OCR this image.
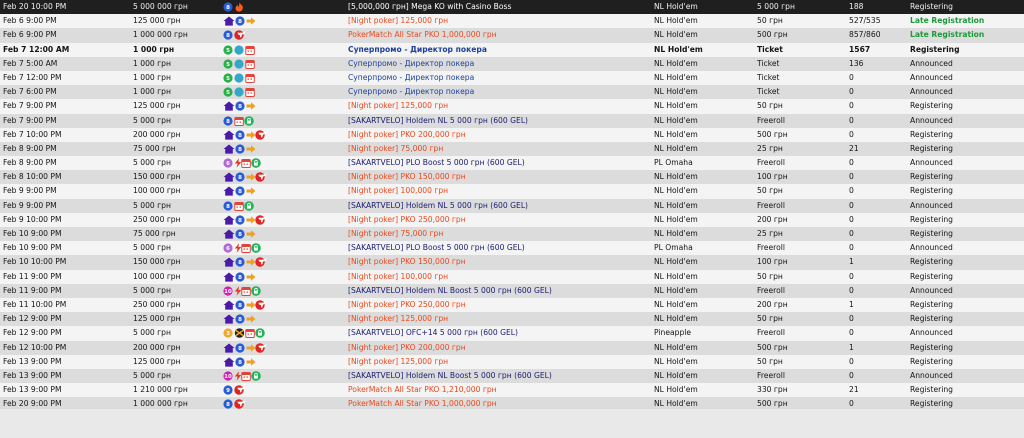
Feb 20 10:00 PM	5 000 000 грн	8	[5,000,000 грн] Mega KO with Casino Boss	NL Hold'em	5 000 грн	188	Registering
Feb 6 9:00 PM	125 000 грн	8	[Night poker] 125,000 грн	NL Hold'em	50 грн	527/535	Late Registration
Feb 6 9:00 PM	1 000 000 грн	8	PokerMatch All Star PKO 1,000,000 грн	NL Hold'em	500 грн	857/860	Late Registration
Feb 7 12:00 AM	1 000 грн	5	Суперпромо - Директор покера	NL Hold'em	Ticket	1567	Registering
Feb 7 5:00 AM	1 000 грн	5	Суперпромо - Директор покера	NL Hold'em	Ticket	136	Announced
Feb 7 12:00 PM	1 000 грн	5	Суперпромо - Директор покера	NL Hold'em	Ticket	0	Announced
Feb 7 6:00 PM	1 000 грн	5	Суперпромо - Директор покера	NL Hold'em	Ticket	0	Announced
Feb 7 9:00 PM	125 000 грн	8	[Night poker] 125,000 грн	NL Hold'em	50 грн	0	Registering
Feb 7 9:00 PM	5 000 грн	8	[SAKARTVELO] Holdem NL 5 000 грн (600 GEL)	NL Hold'em	Freeroll	0	Announced
Feb 7 10:00 PM	200 000 грн	8	[Night poker] PKO 200,000 грн	NL Hold'em	500 грн	0	Registering
Feb 8 9:00 PM	75 000 грн	8	[Night poker] 75,000 грн	NL Hold'em	25 грн	21	Registering
Feb 8 9:00 PM	5 000 грн	6	[SAKARTVELO] PLO Boost 5 000 грн (600 GEL)	PL Omaha	Freeroll	0	Announced
Feb 8 10:00 PM	150 000 грн	8	[Night poker] PKO 150,000 грн	NL Hold'em	100 грн	0	Registering
Feb 9 9:00 PM	100 000 грн	8	[Night poker] 100,000 грн	NL Hold'em	50 грн	0	Registering
Feb 9 9:00 PM	5 000 грн	8	[SAKARTVELO] Holdem NL 5 000 грн (600 GEL)	NL Hold'em	Freeroll	0	Announced
Feb 9 10:00 PM	250 000 грн	8	[Night poker] PKO 250,000 грн	NL Hold'em	200 грн	0	Registering
Feb 10 9:00 PM	75 000 грн	8	[Night poker] 75,000 грн	NL Hold'em	25 грн	0	Registering
Feb 10 9:00 PM	5 000 грн	6	[SAKARTVELO] PLO Boost 5 000 грн (600 GEL)	PL Omaha	Freeroll	0	Announced
Feb 10 10:00 PM	150 000 грн	8	[Night poker] PKO 150,000 грн	NL Hold'em	100 грн	1	Registering
Feb 11 9:00 PM	100 000 грн	8	[Night poker] 100,000 грн	NL Hold'em	50 грн	0	Registering
Feb 11 9:00 PM	5 000 грн	10	[SAKARTVELO] Holdem NL Boost 5 000 грн (600 GEL)	NL Hold'em	Freeroll	0	Announced
Feb 11 10:00 PM	250 000 грн	8	[Night poker] PKO 250,000 грн	NL Hold'em	200 грн	1	Registering
Feb 12 9:00 PM	125 000 грн	8	[Night poker] 125,000 грн	NL Hold'em	50 грн	0	Registering
Feb 12 9:00 PM	5 000 грн	3	[SAKARTVELO] OFC+14 5 000 грн (600 GEL)	Pineapple	Freeroll	0	Announced
Feb 12 10:00 PM	200 000 грн	8	[Night poker] PKO 200,000 грн	NL Hold'em	500 грн	1	Registering
Feb 13 9:00 PM	125 000 грн	8	[Night poker] 125,000 грн	NL Hold'em	50 грн	0	Registering
Feb 13 9:00 PM	5 000 грн	10	[SAKARTVELO] Holdem NL Boost 5 000 грн (600 GEL)	NL Hold'em	Freeroll	0	Announced
Feb 13 9:00 PM	1 210 000 грн	9	PokerMatch All Star PKO 1,210,000 грн	NL Hold'em	330 грн	21	Registering
Feb 20 9:00 PM	1 000 000 грн	8	PokerMatch All Star PKO 1,000,000 грн	NL Hold'em	500 грн	0	Registering
